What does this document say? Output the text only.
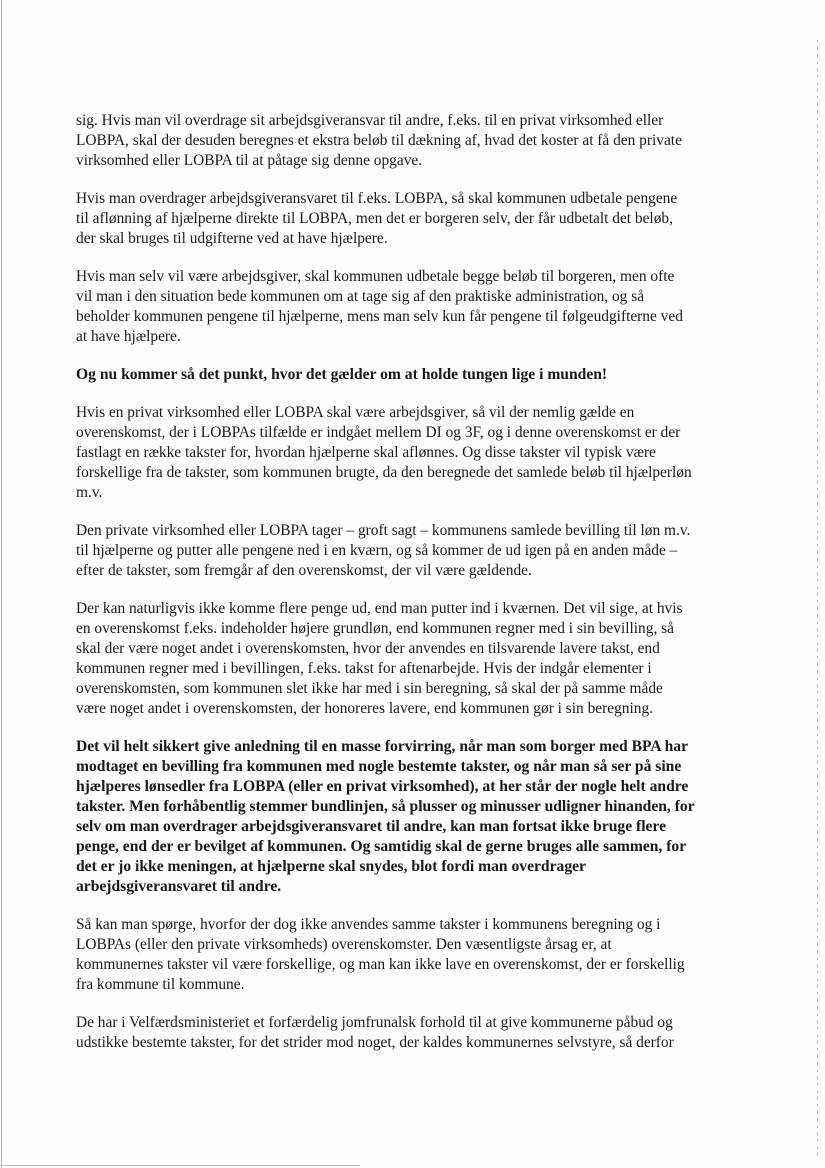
sig. Hvis man vil overdrage sit arbejdsgiveransvar til andre, f.eks. til en privat virksomhed eller
LOBPA, skal der desuden beregnes et ekstra beløb til dækning af, hvad det koster at få den private
virksomhed eller LOBPA til at påtage sig denne opgave.

Hvis man overdrager arbejdsgiveransvaret til f.eks. LOBPA, så skal kommunen udbetale pengene
til aflønning af hjælperne direkte til LOBPA, men det er borgeren selv, der får udbetalt det beløb,
der skal bruges til udgifterne ved at have hjælpere.

Hvis man selv vil være arbejdsgiver, skal kommunen udbetale begge beløb til borgeren, men ofte
vil man i den situation bede kommunen om at tage sig af den praktiske administration, og så
beholder kommunen pengene til hjælperne, mens man selv kun får pengene til følgeudgifterne ved
at have hjælpere.

Og nu kommer så det punkt, hvor det gælder om at holde tungen lige i munden!

Hvis en privat virksomhed eller LOBPA skal være arbejdsgiver, så vil der nemlig gælde en
overenskomst, der i LOBPAs tilfælde er indgået mellem DI og 3F, og i denne overenskomst er der
fastlagt en række takster for, hvordan hjælperne skal aflønnes. Og disse takster vil typisk være
forskellige fra de takster, som kommunen brugte, da den beregnede det samlede beløb til hjælperløn
m.v.

Den private virksomhed eller LOBPA tager – groft sagt – kommunens samlede bevilling til løn m.v.
til hjælperne og putter alle pengene ned i en kværn, og så kommer de ud igen på en anden måde –
efter de takster, som fremgår af den overenskomst, der vil være gældende.

Der kan naturligvis ikke komme flere penge ud, end man putter ind i kværnen. Det vil sige, at hvis
en overenskomst f.eks. indeholder højere grundløn, end kommunen regner med i sin bevilling, så
skal der være noget andet i overenskomsten, hvor der anvendes en tilsvarende lavere takst, end
kommunen regner med i bevillingen, f.eks. takst for aftenarbejde. Hvis der indgår elementer i
overenskomsten, som kommunen slet ikke har med i sin beregning, så skal der på samme måde
være noget andet i overenskomsten, der honoreres lavere, end kommunen gør i sin beregning.

Det vil helt sikkert give anledning til en masse forvirring, når man som borger med BPA har
modtaget en bevilling fra kommunen med nogle bestemte takster, og når man så ser på sine
hjælperes lønsedler fra LOBPA (eller en privat virksomhed), at her står der nogle helt andre
takster. Men forhåbentlig stemmer bundlinjen, så plusser og minusser udligner hinanden, for
selv om man overdrager arbejdsgiveransvaret til andre, kan man fortsat ikke bruge flere
penge, end der er bevilget af kommunen. Og samtidig skal de gerne bruges alle sammen, for
det er jo ikke meningen, at hjælperne skal snydes, blot fordi man overdrager
arbejdsgiveransvaret til andre.

Så kan man spørge, hvorfor der dog ikke anvendes samme takster i kommunens beregning og i
LOBPAs (eller den private virksomheds) overenskomster. Den væsentligste årsag er, at
kommunernes takster vil være forskellige, og man kan ikke lave en overenskomst, der er forskellig
fra kommune til kommune.

De har i Velfærdsministeriet et forfærdelig jomfrunalsk forhold til at give kommunerne påbud og
udstikke bestemte takster, for det strider mod noget, der kaldes kommunernes selvstyre, så derfor
